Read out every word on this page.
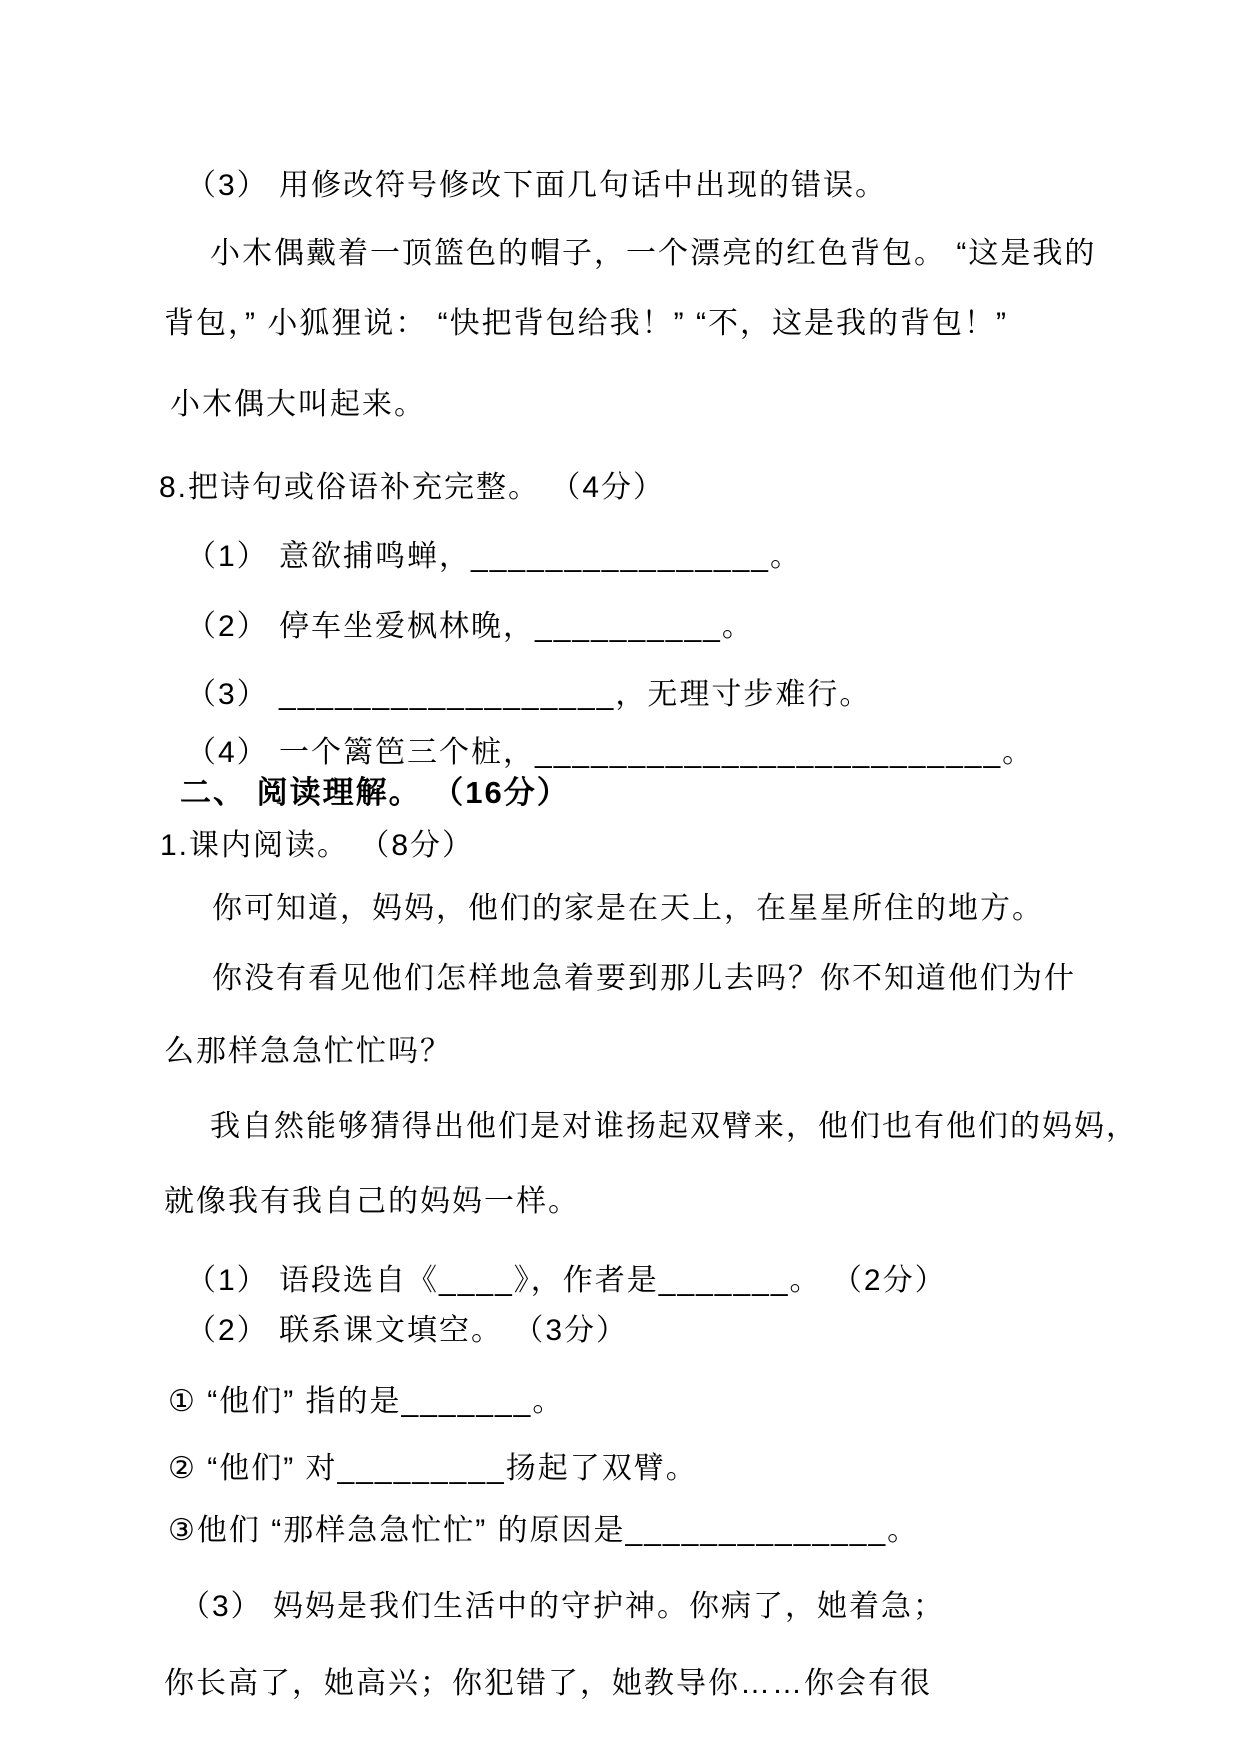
（3） 用修改符号修改下面几句话中出现的错误。
小木偶戴着一顶篮色的帽子，一个漂亮的红色背包。 “这是我的
背包，” 小狐狸说： “快把背包给我！” “不，这是我的背包！”
小木偶大叫起来。
8.把诗句或俗语补充完整。 （4分）
（1） 意欲捕鸣蝉，________________。
（2） 停车坐爱枫林晚，__________。
（3） __________________，无理寸步难行。
（4） 一个篱笆三个桩，_________________________。
二、 阅读理解。 （16分）
1.课内阅读。 （8分）
你可知道，妈妈，他们的家是在天上，在星星所住的地方。
你没有看见他们怎样地急着要到那儿去吗？你不知道他们为什
么那样急急忙忙吗？
我自然能够猜得出他们是对谁扬起双臂来，他们也有他们的妈妈，
就像我有我自己的妈妈一样。
（1） 语段选自《____》，作者是_______。 （2分）
（2） 联系课文填空。 （3分）
① “他们” 指的是_______。
② “他们” 对_________扬起了双臂。
③他们 “那样急急忙忙” 的原因是______________。
（3） 妈妈是我们生活中的守护神。你病了，她着急；
你长高了，她高兴；你犯错了，她教导你……你会有很
